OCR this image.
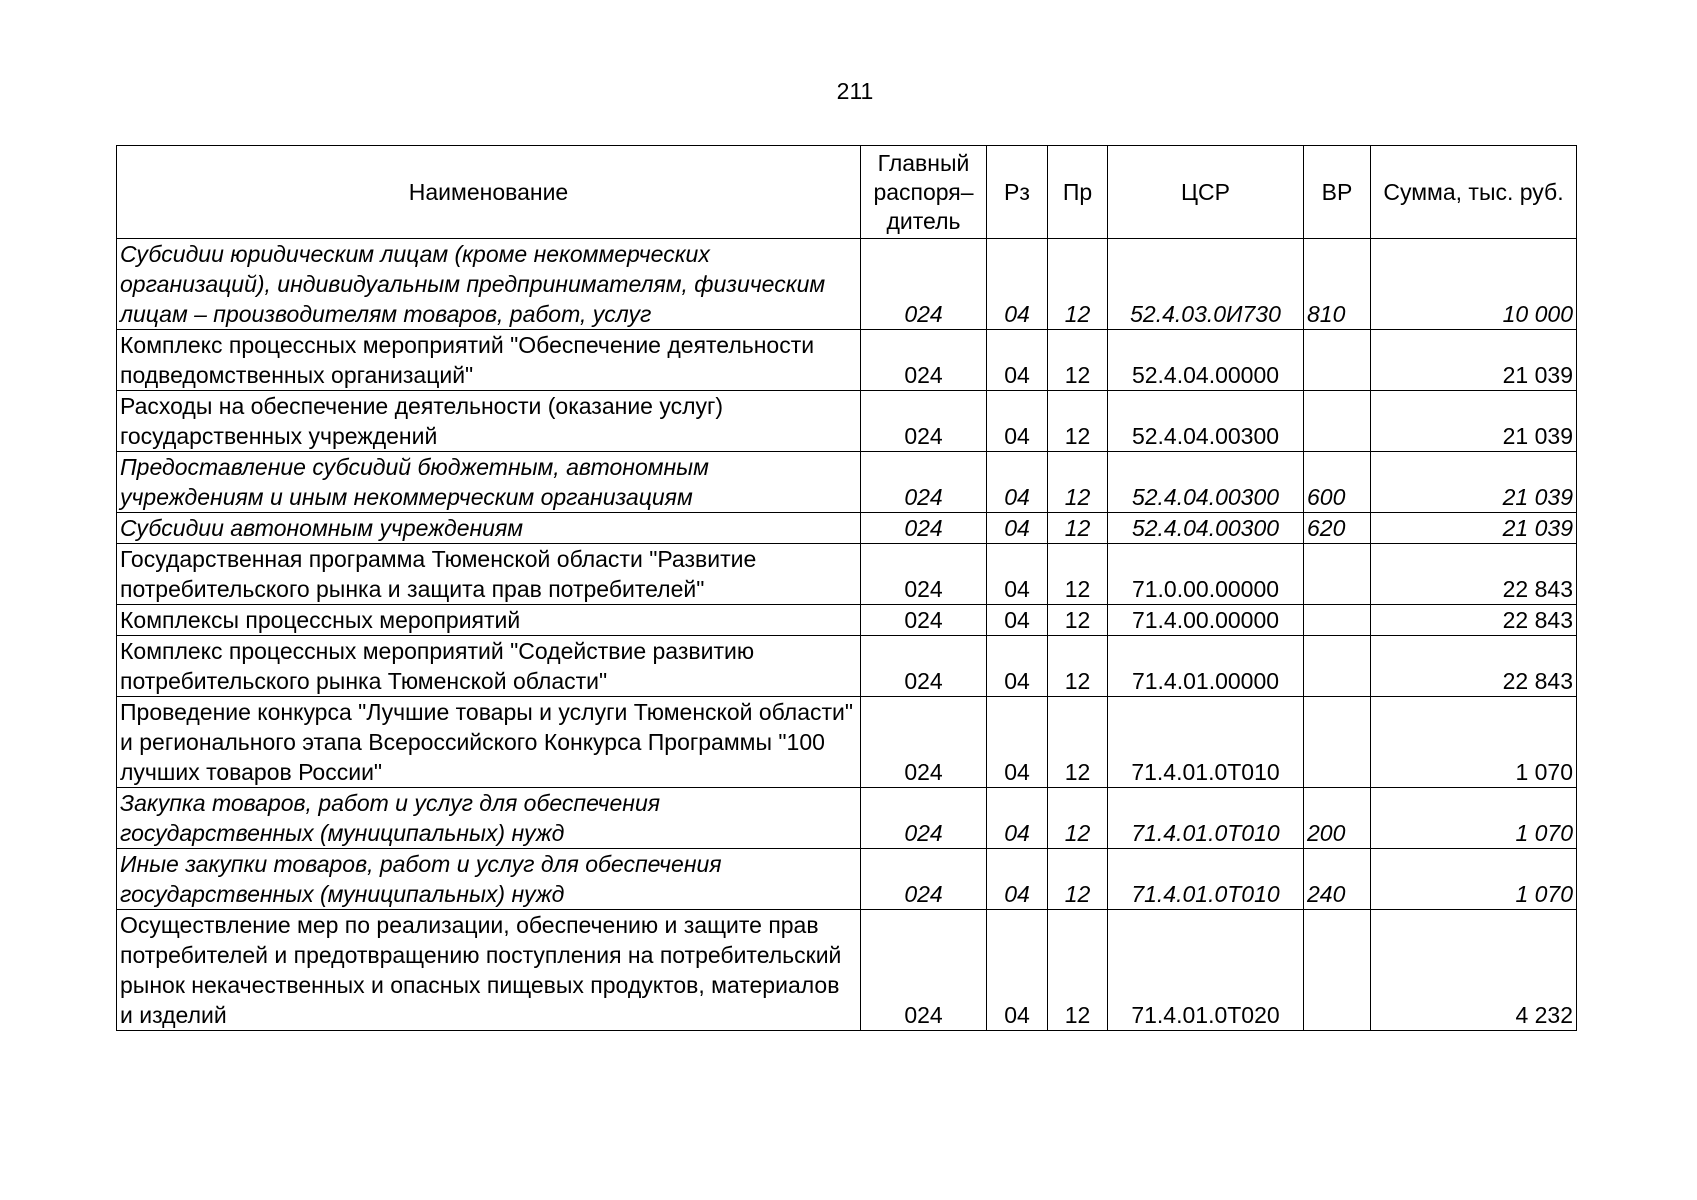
211
Наименование	Главный распоря–дитель	Рз	Пр	ЦСР	ВР	Сумма, тыс. руб.
Субсидии юридическим лицам (кроме некоммерческих организаций), индивидуальным предпринимателям, физическим лицам – производителям товаров, работ, услуг	024	04	12	52.4.03.0И730	810	10 000
Комплекс процессных мероприятий "Обеспечение деятельности подведомственных организаций"	024	04	12	52.4.04.00000		21 039
Расходы на обеспечение деятельности (оказание услуг) государственных учреждений	024	04	12	52.4.04.00300		21 039
Предоставление субсидий бюджетным, автономным учреждениям и иным некоммерческим организациям	024	04	12	52.4.04.00300	600	21 039
Субсидии автономным учреждениям	024	04	12	52.4.04.00300	620	21 039
Государственная программа Тюменской области "Развитие потребительского рынка и защита прав потребителей"	024	04	12	71.0.00.00000		22 843
Комплексы процессных мероприятий	024	04	12	71.4.00.00000		22 843
Комплекс процессных мероприятий "Содействие развитию потребительского рынка Тюменской области"	024	04	12	71.4.01.00000		22 843
Проведение конкурса "Лучшие товары и услуги Тюменской области" и регионального этапа Всероссийского Конкурса Программы "100 лучших товаров России"	024	04	12	71.4.01.0Т010		1 070
Закупка товаров, работ и услуг для обеспечения государственных (муниципальных) нужд	024	04	12	71.4.01.0Т010	200	1 070
Иные закупки товаров, работ и услуг для обеспечения государственных (муниципальных) нужд	024	04	12	71.4.01.0Т010	240	1 070
Осуществление мер по реализации, обеспечению и защите прав потребителей и предотвращению поступления на потребительский рынок некачественных и опасных пищевых продуктов, материалов и изделий	024	04	12	71.4.01.0Т020		4 232
